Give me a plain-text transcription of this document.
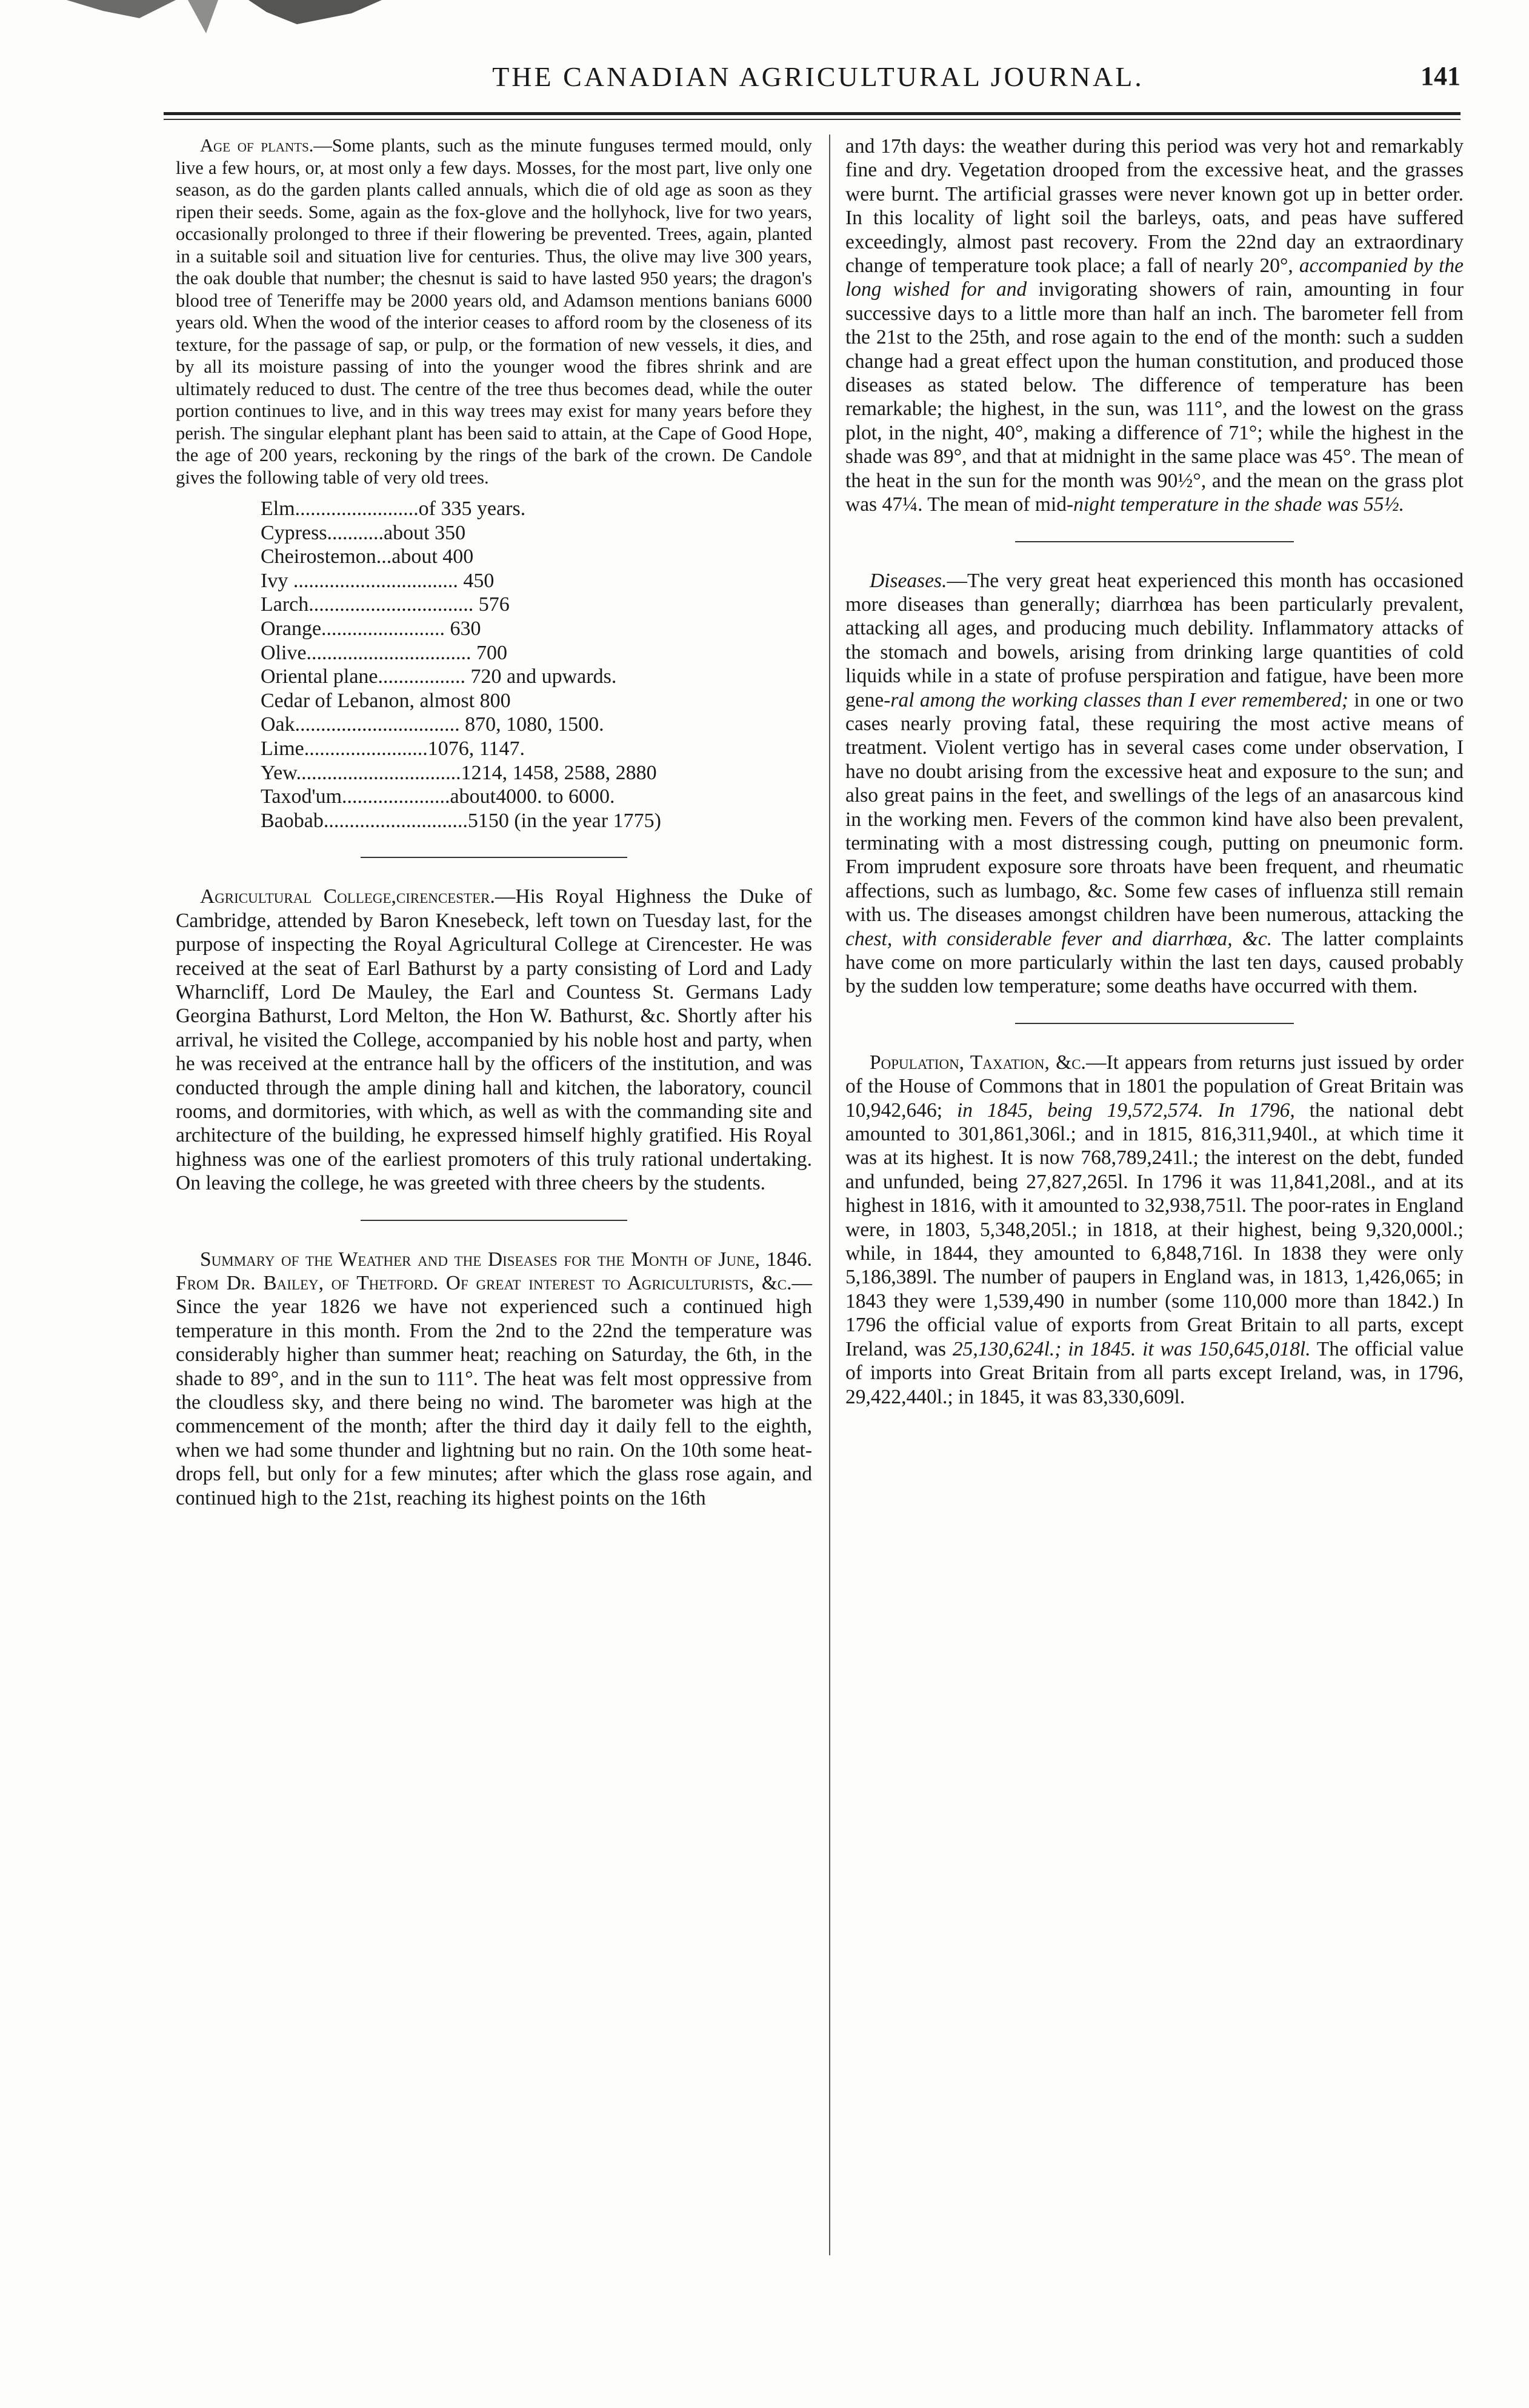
THE CANADIAN AGRICULTURAL JOURNAL.	141

Age of plants.—Some plants, such as the minute funguses termed mould, only live a few hours, or, at most only a few days. Mosses, for the most part, live only one season, as do the garden plants called annuals, which die of old age as soon as they ripen their seeds. Some, again as the fox-glove and the hollyhock, live for two years, occasionally prolonged to three if their flowering be prevented. Trees, again, planted in a suitable soil and situation live for centuries. Thus, the olive may live 300 years, the oak double that number; the chesnut is said to have lasted 950 years; the dragon's blood tree of Teneriffe may be 2000 years old, and Adamson mentions banians 6000 years old. When the wood of the interior ceases to afford room by the closeness of its texture, for the passage of sap, or pulp, or the formation of new vessels, it dies, and by all its moisture passing of into the younger wood the fibres shrink and are ultimately reduced to dust. The centre of the tree thus becomes dead, while the outer portion continues to live, and in this way trees may exist for many years before they perish. The singular elephant plant has been said to attain, at the Cape of Good Hope, the age of 200 years, reckoning by the rings of the bark of the crown. De Candole gives the following table of very old trees.

Elm........................of 335 years.
Cypress...........about 350
Cheirostemon...about 400
Ivy ................................ 450
Larch................................ 576
Orange........................ 630
Olive................................ 700
Oriental plane................. 720 and upwards.
Cedar of Lebanon, almost 800
Oak................................ 870, 1080, 1500.
Lime........................1076, 1147.
Yew................................1214, 1458, 2588, 2880
Taxod'um.....................about4000. to 6000.
Baobab............................5150 (in the year 1775)

Agricultural College,cirencester.—His Royal Highness the Duke of Cambridge, attended by Baron Knesebeck, left town on Tuesday last, for the purpose of inspecting the Royal Agricultural College at Cirencester. He was received at the seat of Earl Bathurst by a party consisting of Lord and Lady Wharncliff, Lord De Mauley, the Earl and Countess St. Germans Lady Georgina Bathurst, Lord Melton, the Hon W. Bathurst, &c. Shortly after his arrival, he visited the College, accompanied by his noble host and party, when he was received at the entrance hall by the officers of the institution, and was conducted through the ample dining hall and kitchen, the laboratory, council rooms, and dormitories, with which, as well as with the commanding site and architecture of the building, he expressed himself highly gratified. His Royal highness was one of the earliest promoters of this truly rational undertaking. On leaving the college, he was greeted with three cheers by the students.

Summary of the Weather and the Diseases for the Month of June, 1846. From Dr. Bailey, of Thetford. Of great interest to Agriculturists, &c.—Since the year 1826 we have not experienced such a continued high temperature in this month. From the 2nd to the 22nd the temperature was considerably higher than summer heat; reaching on Saturday, the 6th, in the shade to 89°, and in the sun to 111°. The heat was felt most oppressive from the cloudless sky, and there being no wind. The barometer was high at the commencement of the month; after the third day it daily fell to the eighth, when we had some thunder and lightning but no rain. On the 10th some heat-drops fell, but only for a few minutes; after which the glass rose again, and continued high to the 21st, reaching its highest points on the 16th

and 17th days: the weather during this period was very hot and remarkably fine and dry. Vegetation drooped from the excessive heat, and the grasses were burnt. The artificial grasses were never known got up in better order. In this locality of light soil the barleys, oats, and peas have suffered exceedingly, almost past recovery. From the 22nd day an extraordinary change of temperature took place; a fall of nearly 20°, accompanied by the long wished for and invigorating showers of rain, amounting in four successive days to a little more than half an inch. The barometer fell from the 21st to the 25th, and rose again to the end of the month: such a sudden change had a great effect upon the human constitution, and produced those diseases as stated below. The difference of temperature has been remarkable; the highest, in the sun, was 111°, and the lowest on the grass plot, in the night, 40°, making a difference of 71°; while the highest in the shade was 89°, and that at midnight in the same place was 45°. The mean of the heat in the sun for the month was 90½°, and the mean on the grass plot was 47¼. The mean of mid-night temperature in the shade was 55½.

Diseases.—The very great heat experienced this month has occasioned more diseases than generally; diarrhœa has been particularly prevalent, attacking all ages, and producing much debility. Inflammatory attacks of the stomach and bowels, arising from drinking large quantities of cold liquids while in a state of profuse perspiration and fatigue, have been more gene-ral among the working classes than I ever remembered; in one or two cases nearly proving fatal, these requiring the most active means of treatment. Violent vertigo has in several cases come under observation, I have no doubt arising from the excessive heat and exposure to the sun; and also great pains in the feet, and swellings of the legs of an anasarcous kind in the working men. Fevers of the common kind have also been prevalent, terminating with a most distressing cough, putting on pneumonic form. From imprudent exposure sore throats have been frequent, and rheumatic affections, such as lumbago, &c. Some few cases of influenza still remain with us. The diseases amongst children have been numerous, attacking the chest, with considerable fever and diarrhœa, &c. The latter complaints have come on more particularly within the last ten days, caused probably by the sudden low temperature; some deaths have occurred with them.

Population, Taxation, &c.—It appears from returns just issued by order of the House of Commons that in 1801 the population of Great Britain was 10,942,646; in 1845, being 19,572,574. In 1796, the national debt amounted to 301,861,306l.; and in 1815, 816,311,940l., at which time it was at its highest. It is now 768,789,241l.; the interest on the debt, funded and unfunded, being 27,827,265l. In 1796 it was 11,841,208l., and at its highest in 1816, with it amounted to 32,938,751l. The poor-rates in England were, in 1803, 5,348,205l.; in 1818, at their highest, being 9,320,000l.; while, in 1844, they amounted to 6,848,716l. In 1838 they were only 5,186,389l. The number of paupers in England was, in 1813, 1,426,065; in 1843 they were 1,539,490 in number (some 110,000 more than 1842.) In 1796 the official value of exports from Great Britain to all parts, except Ireland, was 25,130,624l.; in 1845. it was 150,645,018l. The official value of imports into Great Britain from all parts except Ireland, was, in 1796, 29,422,440l.; in 1845, it was 83,330,609l.
